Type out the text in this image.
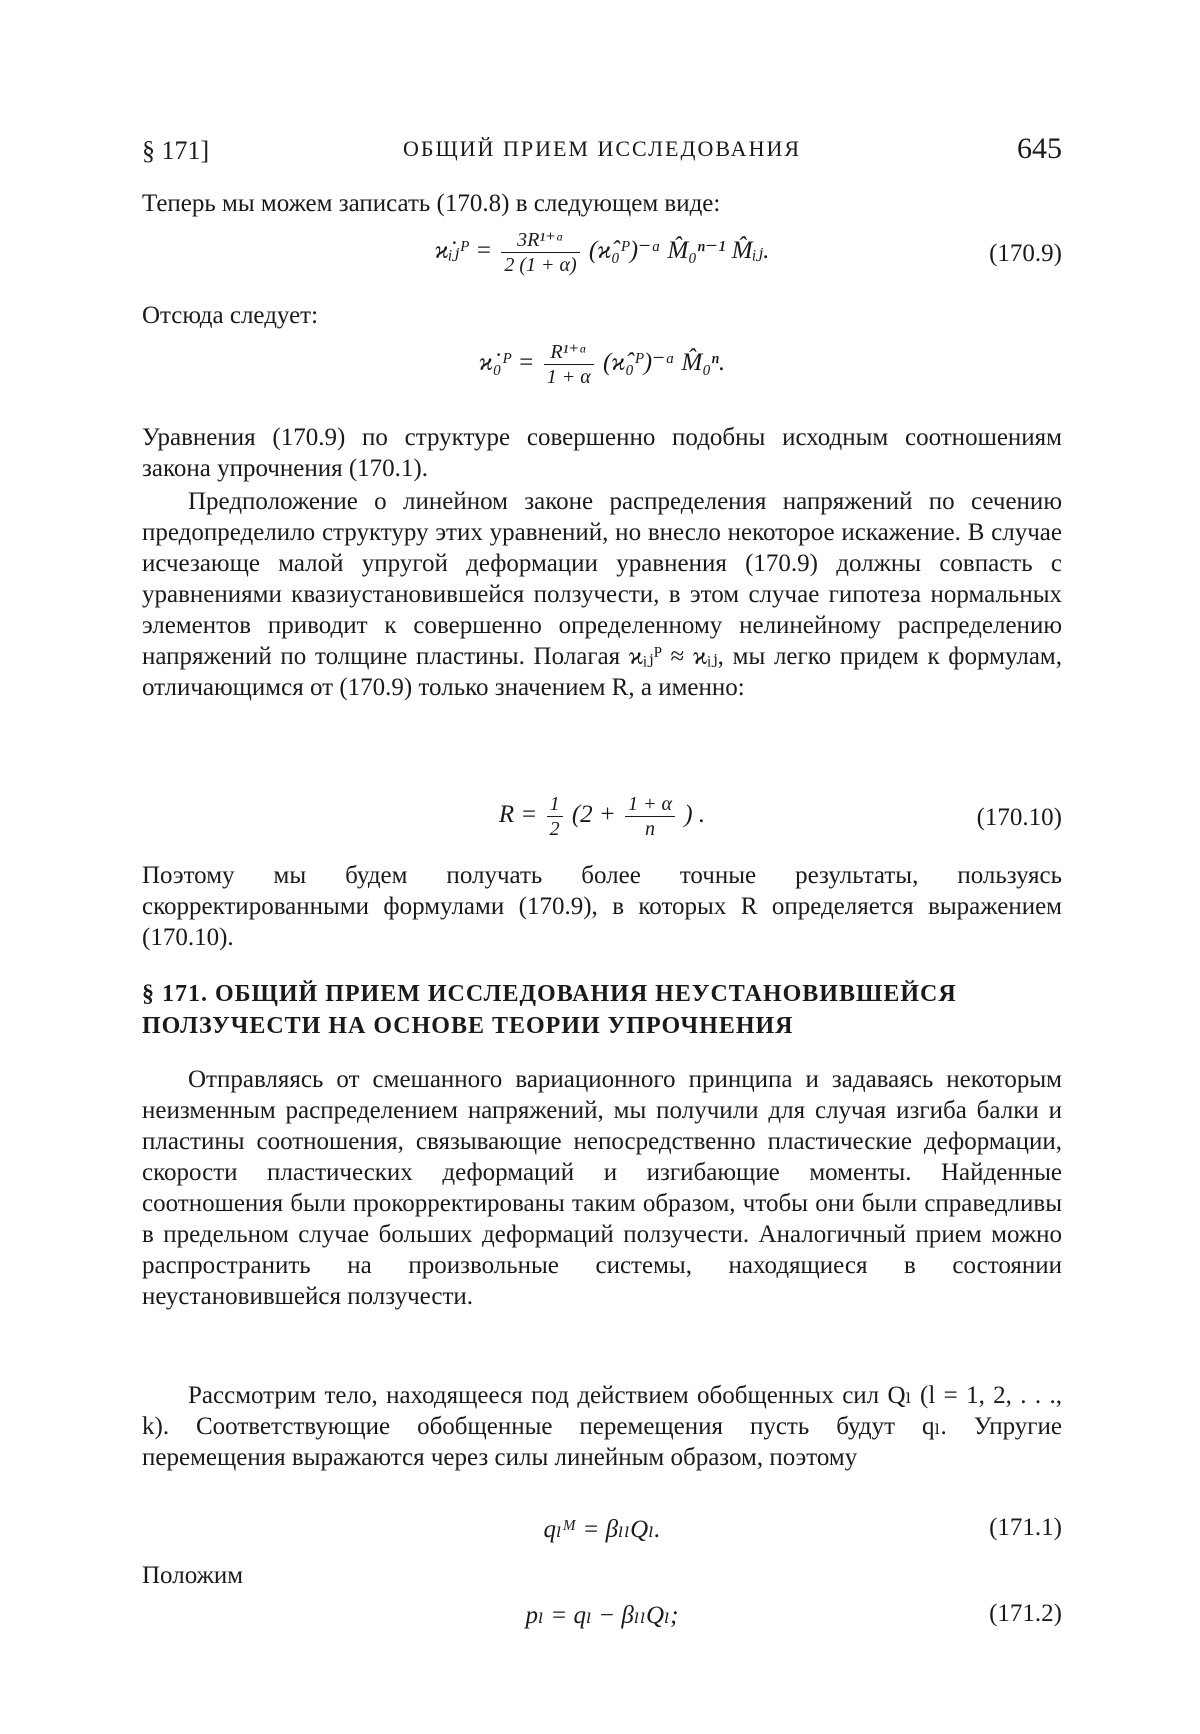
§ 171]	ОБЩИЙ ПРИЕМ ИССЛЕДОВАНИЯ	645
Теперь мы можем записать (170.8) в следующем виде:
ϰ̇ᵢⱼᴾ = $\frac{\text{3R¹⁺ᵅ}}{2 (1 + \alpha)}$ (ϰ̂₀ᴾ)⁻ᵅ M̂₀ⁿ⁻¹ M̂ᵢⱼ.	(170.9)
Отсюда следует:
ϰ̇₀ᴾ = $\frac{\text{R¹⁺ᵅ}}{1 + \alpha}$ (ϰ̂₀ᴾ)⁻ᵅ M̂₀ⁿ.
Уравнения (170.9) по структуре совершенно подобны исходным соотношениям закона упрочнения (170.1).
Предположение о линейном законе распределения напряжений по сечению предопределило структуру этих уравнений, но внесло некоторое искажение. В случае исчезающе малой упругой деформации уравнения (170.9) должны совпасть с уравнениями квазиустановившейся ползучести, в этом случае гипотеза нормальных элементов приводит к совершенно определенному нелинейному распределению напряжений по толщине пластины. Полагая ϰᵢⱼᴾ ≈ ϰᵢⱼ, мы легко придем к формулам, отличающимся от (170.9) только значением R, а именно:
$R = \frac{1}{2} (2 + \frac{1 + \alpha}{n}$ ) .	(170.10)
Поэтому мы будем получать более точные результаты, пользуясь скорректированными формулами (170.9), в которых R определяется выражением (170.10).
§ 171. ОБЩИЙ ПРИЕМ ИССЛЕДОВАНИЯ НЕУСТАНОВИВШЕЙСЯ ПОЛЗУЧЕСТИ НА ОСНОВЕ ТЕОРИИ УПРОЧНЕНИЯ
Отправляясь от смешанного вариационного принципа и задаваясь некоторым неизменным распределением напряжений, мы получили для случая изгиба балки и пластины соотношения, связывающие непосредственно пластические деформации, скорости пластических деформаций и изгибающие моменты. Найденные соотношения были прокорректированы таким образом, чтобы они были справедливы в предельном случае больших деформаций ползучести. Аналогичный прием можно распространить на произвольные системы, находящиеся в состоянии неустановившейся ползучести.
Рассмотрим тело, находящееся под действием обобщенных сил Qₗ (l = 1, 2, . . ., k). Соответствующие обобщенные перемещения пусть будут qₗ. Упругие перемещения выражаются через силы линейным образом, поэтому
qₗᴹ = βₗₗQₗ.	(171.1)
Положим
pₗ = qₗ − βₗₗQₗ;	(171.2)
